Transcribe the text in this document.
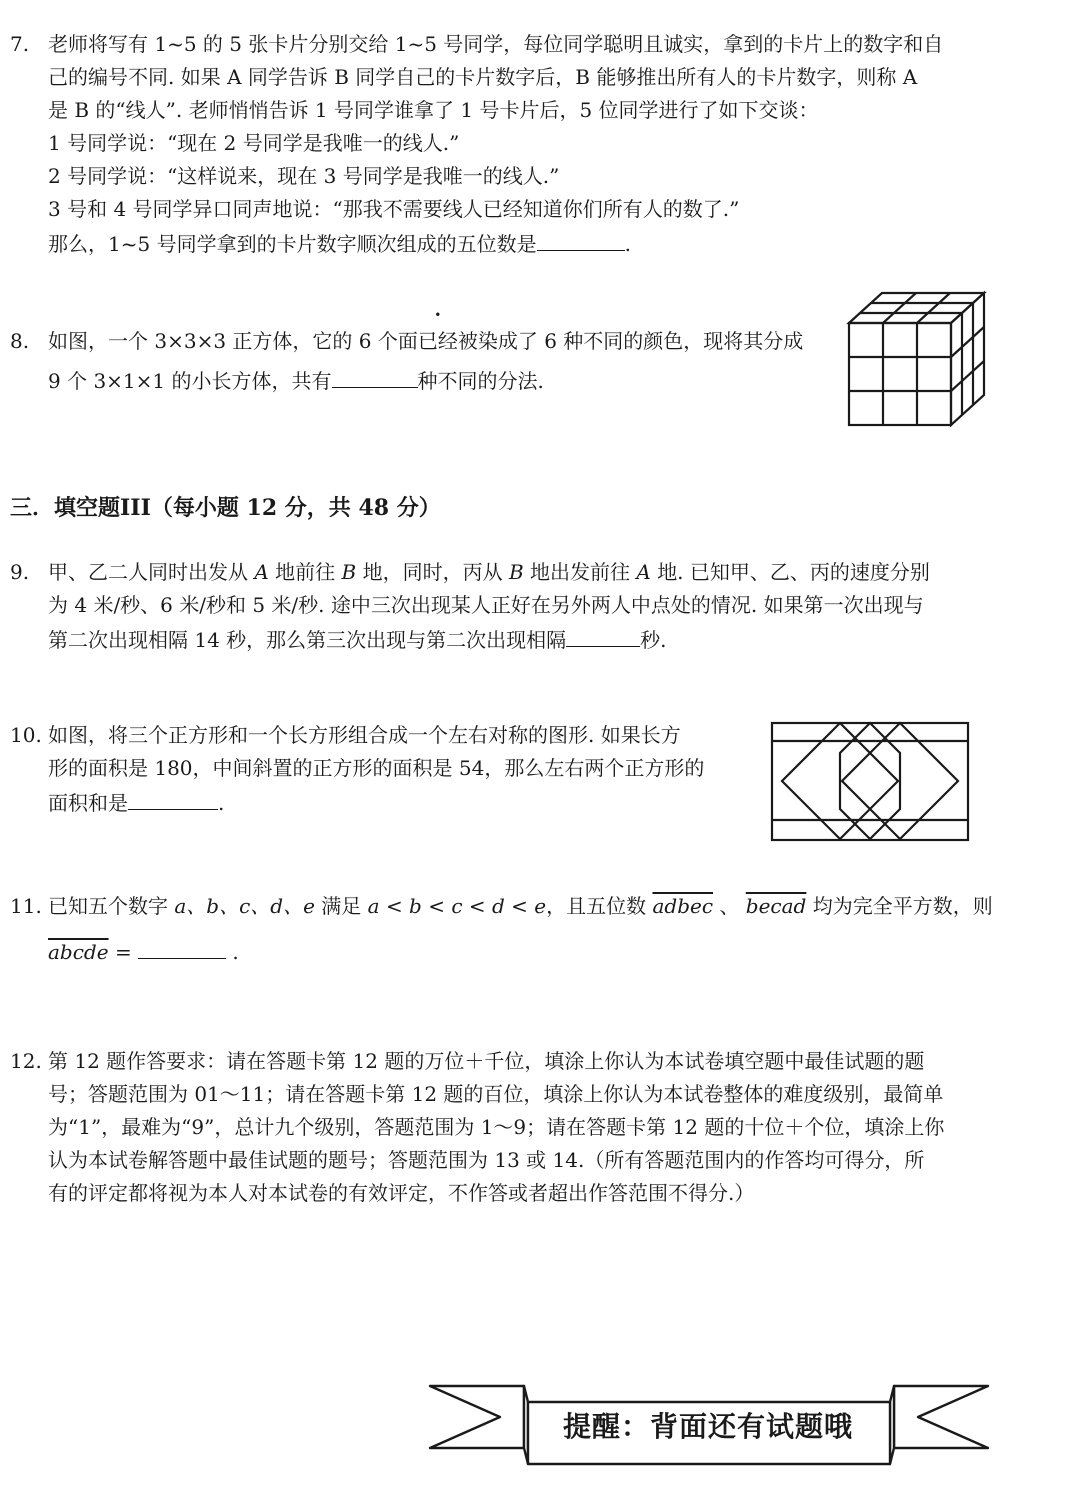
7. 老师将写有 1~5 的 5 张卡片分别交给 1~5 号同学，每位同学聪明且诚实，拿到的卡片上的数字和自
己的编号不同. 如果 A 同学告诉 B 同学自己的卡片数字后，B 能够推出所有人的卡片数字，则称 A
是 B 的“线人”. 老师悄悄告诉 1 号同学谁拿了 1 号卡片后，5 位同学进行了如下交谈：
1 号同学说：“现在 2 号同学是我唯一的线人.”
2 号同学说：“这样说来，现在 3 号同学是我唯一的线人.”
3 号和 4 号同学异口同声地说：“那我不需要线人已经知道你们所有人的数了.”
那么，1~5 号同学拿到的卡片数字顺次组成的五位数是	.
8. 如图，一个 3×3×3 正方体，它的 6 个面已经被染成了 6 种不同的颜色，现将其分成
9 个 3×1×1 的小长方体，共有	种不同的分法.
三．填空题III（每小题 12 分，共 48 分）
9. 甲、乙二人同时出发从 A 地前往 B 地，同时，丙从 B 地出发前往 A 地. 已知甲、乙、丙的速度分别
为 4 米/秒、6 米/秒和 5 米/秒. 途中三次出现某人正好在另外两人中点处的情况. 如果第一次出现与
第二次出现相隔 14 秒，那么第三次出现与第二次出现相隔	秒.
10. 如图，将三个正方形和一个长方形组合成一个左右对称的图形. 如果长方
形的面积是 180，中间斜置的正方形的面积是 54，那么左右两个正方形的
面积和是	.
11. 已知五个数字 a、b、c、d、e 满足 a < b < c < d < e，且五位数 adbec 、 becad 均为完全平方数，则
abcde =	.
12. 第 12 题作答要求：请在答题卡第 12 题的万位＋千位，填涂上你认为本试卷填空题中最佳试题的题
号；答题范围为 01～11；请在答题卡第 12 题的百位，填涂上你认为本试卷整体的难度级别，最简单
为“1”，最难为“9”，总计九个级别，答题范围为 1～9；请在答题卡第 12 题的十位＋个位，填涂上你
认为本试卷解答题中最佳试题的题号；答题范围为 13 或 14.（所有答题范围内的作答均可得分，所
有的评定都将视为本人对本试卷的有效评定，不作答或者超出作答范围不得分.）
提醒：背面还有试题哦
